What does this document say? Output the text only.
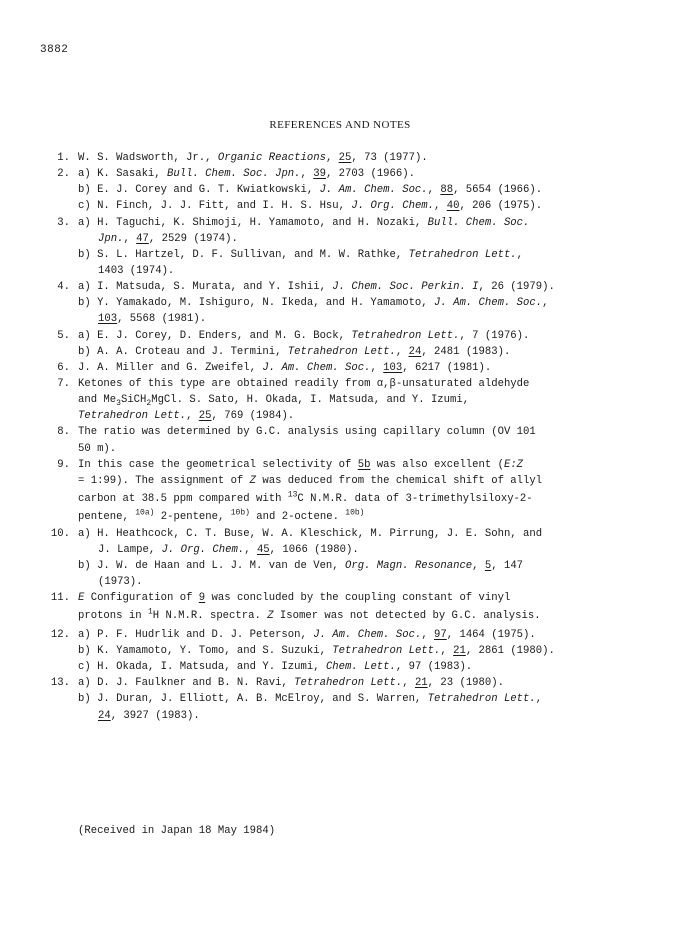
3882
REFERENCES AND NOTES
1. W. S. Wadsworth, Jr., Organic Reactions, 25, 73 (1977).
2. a) K. Sasaki, Bull. Chem. Soc. Jpn., 39, 2703 (1966).
b) E. J. Corey and G. T. Kwiatkowski, J. Am. Chem. Soc., 88, 5654 (1966).
c) N. Finch, J. J. Fitt, and I. H. S. Hsu, J. Org. Chem., 40, 206 (1975).
3. a) H. Taguchi, K. Shimoji, H. Yamamoto, and H. Nozaki, Bull. Chem. Soc.
Jpn., 47, 2529 (1974).
b) S. L. Hartzel, D. F. Sullivan, and M. W. Rathke, Tetrahedron Lett.,
1403 (1974).
4. a) I. Matsuda, S. Murata, and Y. Ishii, J. Chem. Soc. Perkin. I, 26 (1979).
b) Y. Yamakado, M. Ishiguro, N. Ikeda, and H. Yamamoto, J. Am. Chem. Soc.,
103, 5568 (1981).
5. a) E. J. Corey, D. Enders, and M. G. Bock, Tetrahedron Lett., 7 (1976).
b) A. A. Croteau and J. Termini, Tetrahedron Lett., 24, 2481 (1983).
6. J. A. Miller and G. Zweifel, J. Am. Chem. Soc., 103, 6217 (1981).
7. Ketones of this type are obtained readily from α,β-unsaturated aldehyde
and $Me_3SiCH_2MgCl$. S. Sato, H. Okada, I. Matsuda, and Y. Izumi,
Tetrahedron Lett., 25, 769 (1984).
8. The ratio was determined by G.C. analysis using capillary column (OV 101
50 m).
9. In this case the geometrical selectivity of 5b was also excellent (E:Z
= 1:99). The assignment of Z was deduced from the chemical shift of allyl
carbon at 38.5 ppm compared with $^{13}$C N.M.R. data of 3-trimethylsiloxy-2-
pentene, $^{10a)}$ 2-pentene, $^{10b)}$ and 2-octene. $^{10b)}$
10. a) H. Heathcock, C. T. Buse, W. A. Kleschick, M. Pirrung, J. E. Sohn, and
J. Lampe, J. Org. Chem., 45, 1066 (1980).
b) J. W. de Haan and L. J. M. van de Ven, Org. Magn. Resonance, 5, 147
(1973).
11. E Configuration of 9 was concluded by the coupling constant of vinyl
protons in $^1$H N.M.R. spectra. Z Isomer was not detected by G.C. analysis.
12. a) P. F. Hudrlik and D. J. Peterson, J. Am. Chem. Soc., 97, 1464 (1975).
b) K. Yamamoto, Y. Tomo, and S. Suzuki, Tetrahedron Lett., 21, 2861 (1980).
c) H. Okada, I. Matsuda, and Y. Izumi, Chem. Lett., 97 (1983).
13. a) D. J. Faulkner and B. N. Ravi, Tetrahedron Lett., 21, 23 (1980).
b) J. Duran, J. Elliott, A. B. McElroy, and S. Warren, Tetrahedron Lett.,
24, 3927 (1983).
(Received in Japan 18 May 1984)
